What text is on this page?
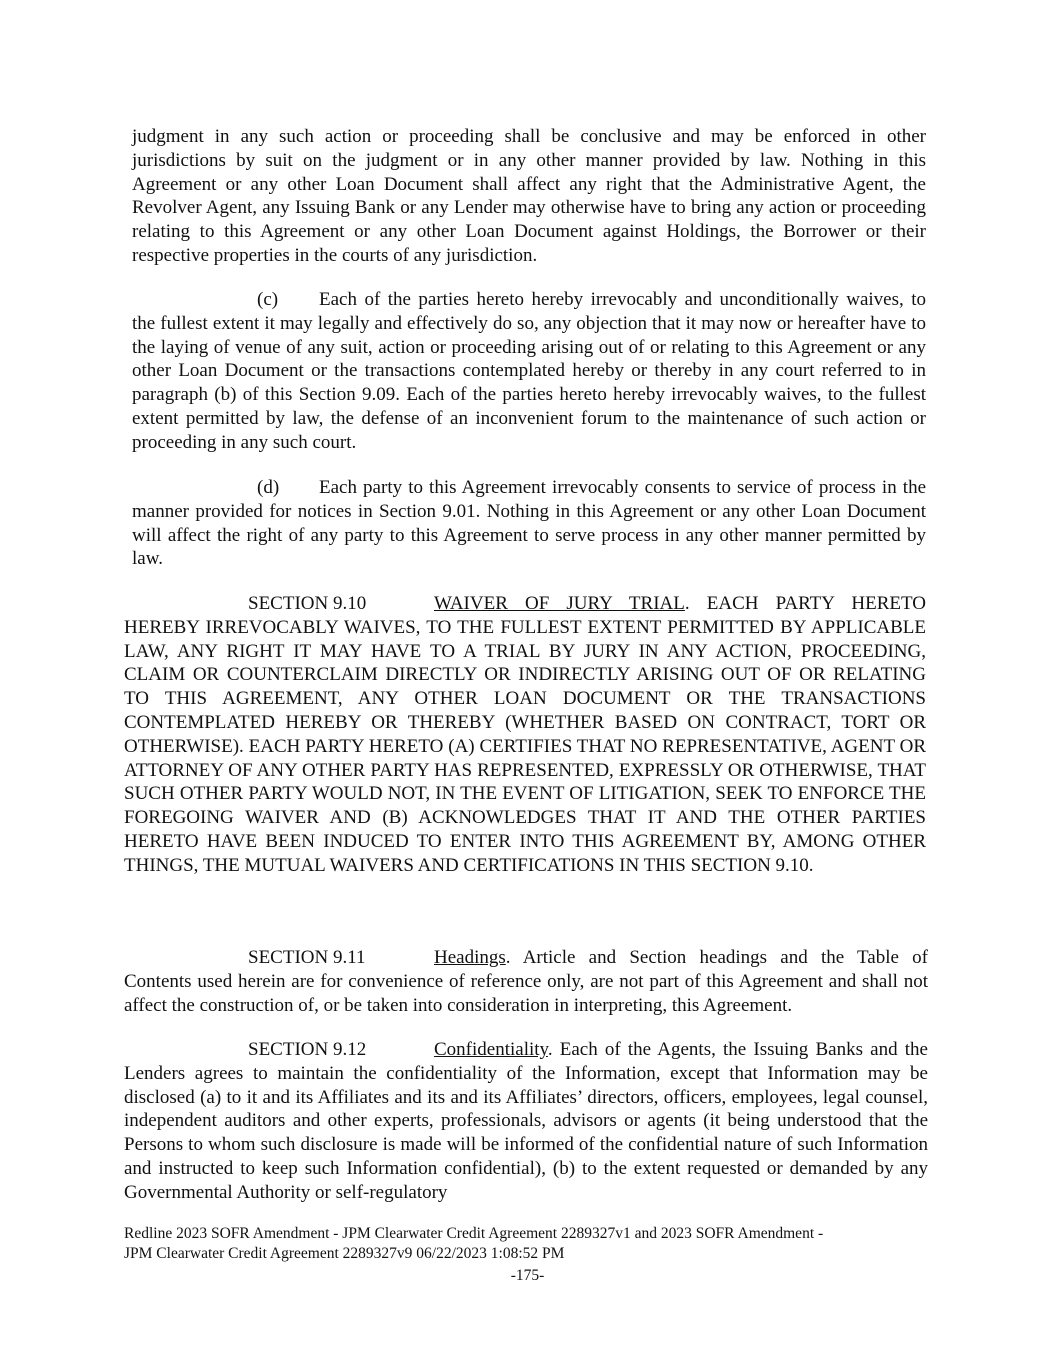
judgment in any such action or proceeding shall be conclusive and may be enforced in other jurisdictions by suit on the judgment or in any other manner provided by law. Nothing in this Agreement or any other Loan Document shall affect any right that the Administrative Agent, the Revolver Agent, any Issuing Bank or any Lender may otherwise have to bring any action or proceeding relating to this Agreement or any other Loan Document against Holdings, the Borrower or their respective properties in the courts of any jurisdiction.

(c) Each of the parties hereto hereby irrevocably and unconditionally waives, to the fullest extent it may legally and effectively do so, any objection that it may now or hereafter have to the laying of venue of any suit, action or proceeding arising out of or relating to this Agreement or any other Loan Document or the transactions contemplated hereby or thereby in any court referred to in paragraph (b) of this Section 9.09. Each of the parties hereto hereby irrevocably waives, to the fullest extent permitted by law, the defense of an inconvenient forum to the maintenance of such action or proceeding in any such court.

(d) Each party to this Agreement irrevocably consents to service of process in the manner provided for notices in Section 9.01. Nothing in this Agreement or any other Loan Document will affect the right of any party to this Agreement to serve process in any other manner permitted by law.

SECTION 9.10	WAIVER OF JURY TRIAL. EACH PARTY HERETO HEREBY IRREVOCABLY WAIVES, TO THE FULLEST EXTENT PERMITTED BY APPLICABLE LAW, ANY RIGHT IT MAY HAVE TO A TRIAL BY JURY IN ANY ACTION, PROCEEDING, CLAIM OR COUNTERCLAIM DIRECTLY OR INDIRECTLY ARISING OUT OF OR RELATING TO THIS AGREEMENT, ANY OTHER LOAN DOCUMENT OR THE TRANSACTIONS CONTEMPLATED HEREBY OR THEREBY (WHETHER BASED ON CONTRACT, TORT OR OTHERWISE). EACH PARTY HERETO (A) CERTIFIES THAT NO REPRESENTATIVE, AGENT OR ATTORNEY OF ANY OTHER PARTY HAS REPRESENTED, EXPRESSLY OR OTHERWISE, THAT SUCH OTHER PARTY WOULD NOT, IN THE EVENT OF LITIGATION, SEEK TO ENFORCE THE FOREGOING WAIVER AND (B) ACKNOWLEDGES THAT IT AND THE OTHER PARTIES HERETO HAVE BEEN INDUCED TO ENTER INTO THIS AGREEMENT BY, AMONG OTHER THINGS, THE MUTUAL WAIVERS AND CERTIFICATIONS IN THIS SECTION 9.10.

SECTION 9.11	Headings. Article and Section headings and the Table of Contents used herein are for convenience of reference only, are not part of this Agreement and shall not affect the construction of, or be taken into consideration in interpreting, this Agreement.

SECTION 9.12	Confidentiality. Each of the Agents, the Issuing Banks and the Lenders agrees to maintain the confidentiality of the Information, except that Information may be disclosed (a) to it and its Affiliates and its and its Affiliates’ directors, officers, employees, legal counsel, independent auditors and other experts, professionals, advisors or agents (it being understood that the Persons to whom such disclosure is made will be informed of the confidential nature of such Information and instructed to keep such Information confidential), (b) to the extent requested or demanded by any Governmental Authority or self-regulatory

Redline 2023 SOFR Amendment - JPM Clearwater Credit Agreement 2289327v1 and 2023 SOFR Amendment -
JPM Clearwater Credit Agreement 2289327v9 06/22/2023 1:08:52 PM
-175-
